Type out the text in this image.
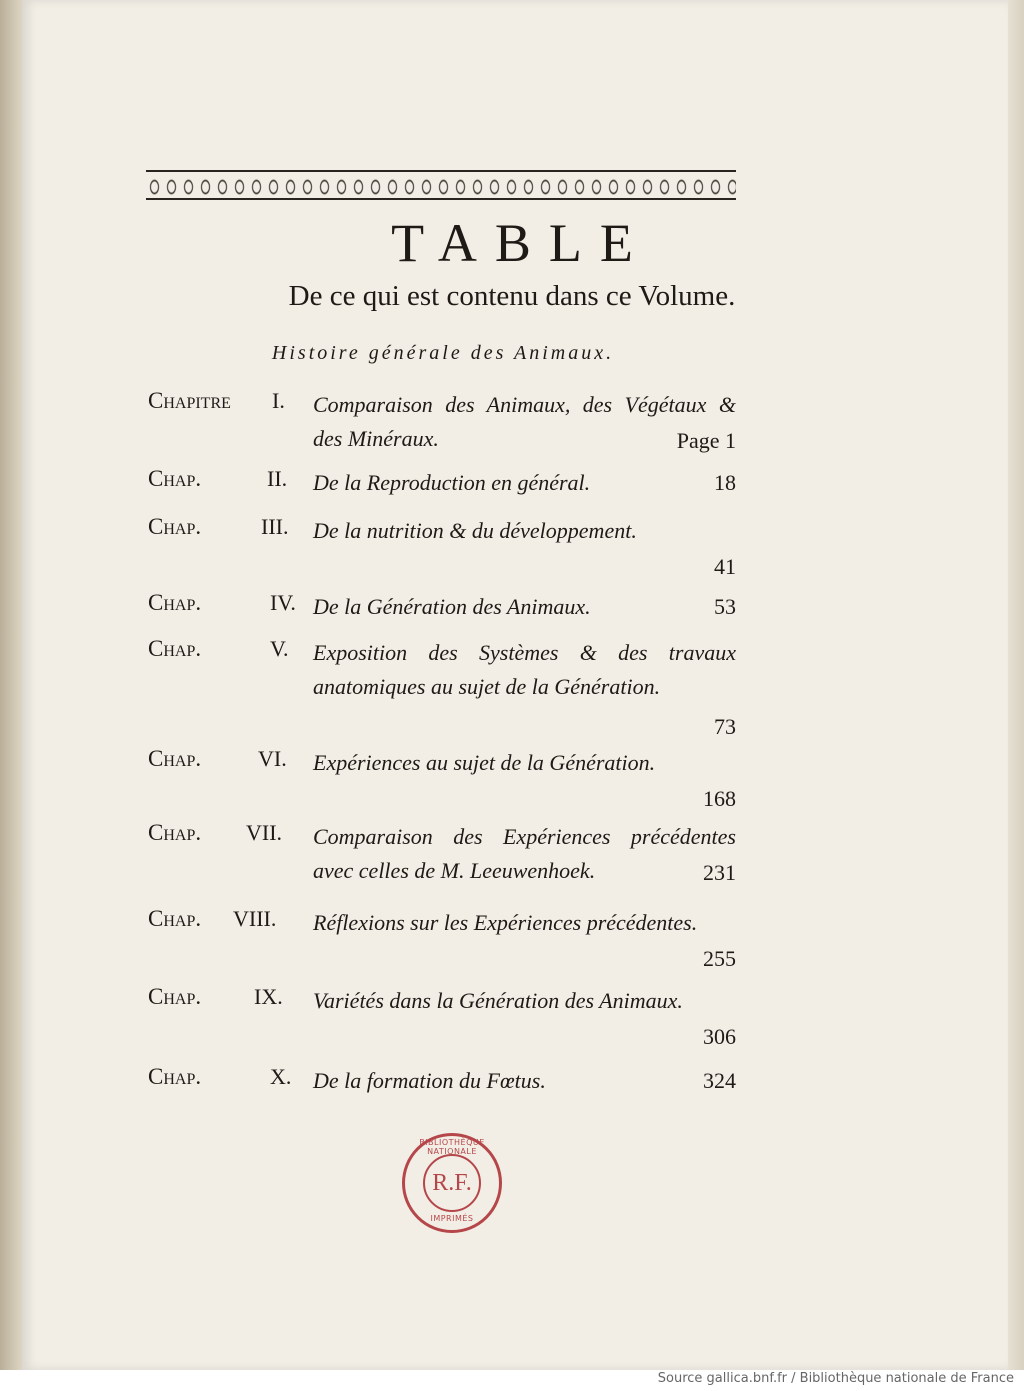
Source gallica.bnf.fr / Bibliothèque nationale de France
TABLE
De ce qui est contenu dans ce Volume.
Histoire générale des Animaux.
Chapitre	I. Comparaison des Animaux, des Végétaux & des Minéraux.	Page 1
Chap.	II. De la Reproduction en général.	18
Chap.	III. De la nutrition & du développement.
41
Chap.	IV. De la Génération des Animaux.	53
Chap.	V. Exposition des Systèmes & des travaux anatomiques au sujet de la Génération.
73
Chap.	VI. Expériences au sujet de la Génération.
168
Chap.	VII. Comparaison des Expériences précédentes avec celles de M. Leeuwenhoek.	231
Chap.	VIII. Réflexions sur les Expériences précédentes.
255
Chap.	IX. Variétés dans la Génération des Animaux.
306
Chap.	X. De la formation du Fœtus.	324
BIBLIOTHÈQUE NATIONALE
R.F.
IMPRIMÉS
